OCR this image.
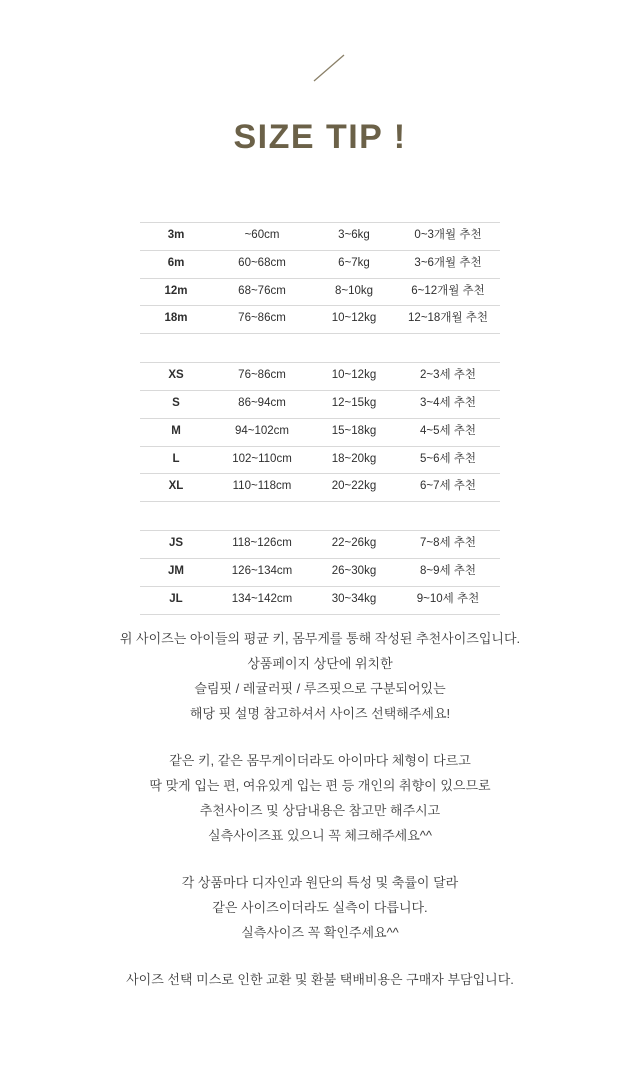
SIZE TIP !
3m	~60cm	3~6kg	0~3개월 추천
6m	60~68cm	6~7kg	3~6개월 추천
12m	68~76cm	8~10kg	6~12개월 추천
18m	76~86cm	10~12kg	12~18개월 추천
XS	76~86cm	10~12kg	2~3세 추천
S	86~94cm	12~15kg	3~4세 추천
M	94~102cm	15~18kg	4~5세 추천
L	102~110cm	18~20kg	5~6세 추천
XL	110~118cm	20~22kg	6~7세 추천
JS	118~126cm	22~26kg	7~8세 추천
JM	126~134cm	26~30kg	8~9세 추천
JL	134~142cm	30~34kg	9~10세 추천
위 사이즈는 아이들의 평균 키, 몸무게를 통해 작성된 추천사이즈입니다.
상품페이지 상단에 위치한
슬림핏 / 레귤러핏 / 루즈핏으로 구분되어있는
해당 핏 설명 참고하셔서 사이즈 선택해주세요!
같은 키, 같은 몸무게이더라도 아이마다 체형이 다르고
딱 맞게 입는 편, 여유있게 입는 편 등 개인의 취향이 있으므로
추천사이즈 및 상담내용은 참고만 해주시고
실측사이즈표 있으니 꼭 체크해주세요^^
각 상품마다 디자인과 원단의 특성 및 축률이 달라
같은 사이즈이더라도 실측이 다릅니다.
실측사이즈 꼭 확인주세요^^
사이즈 선택 미스로 인한 교환 및 환불 택배비용은 구매자 부담입니다.
